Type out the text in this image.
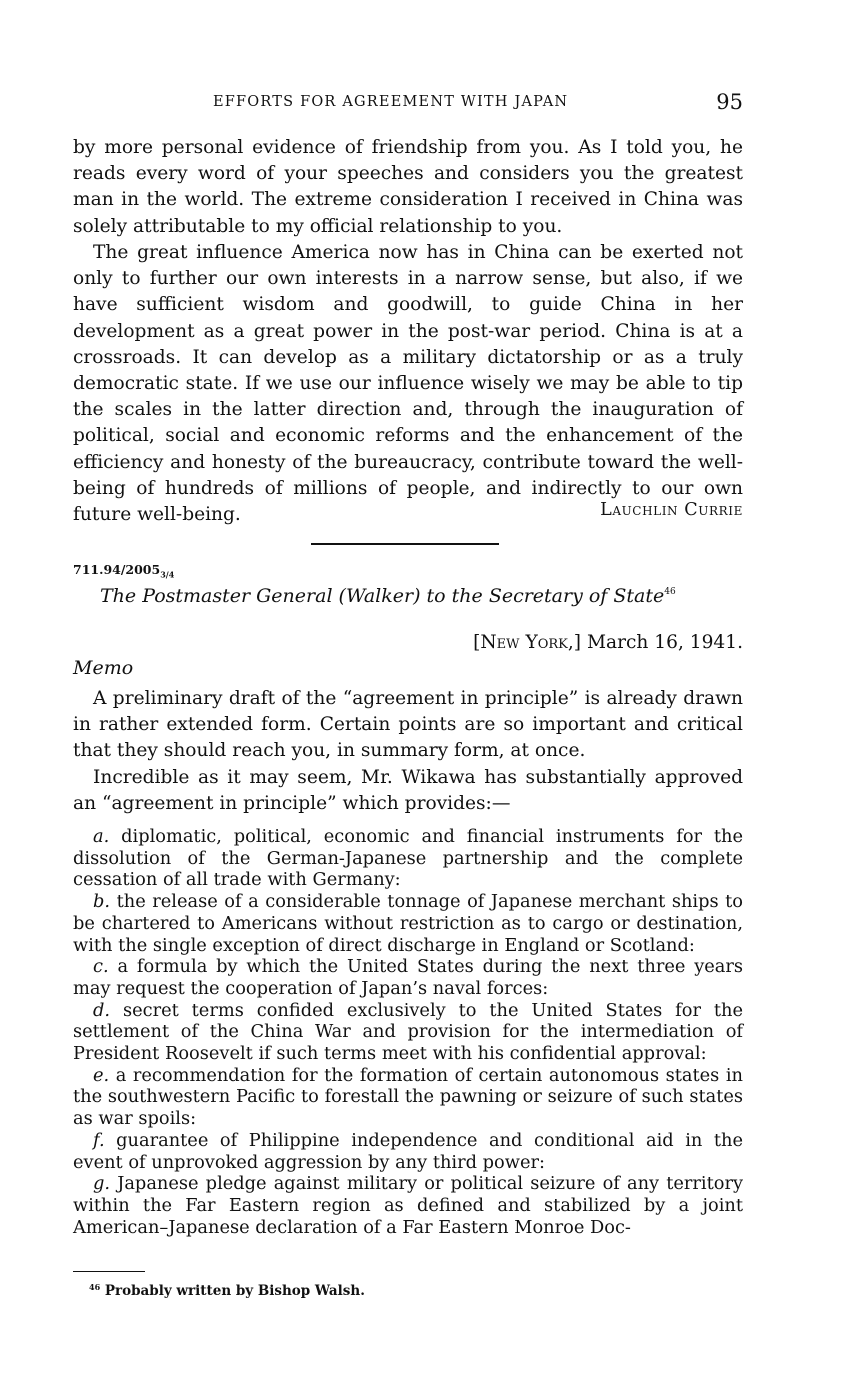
EFFORTS FOR AGREEMENT WITH JAPAN	95

by more personal evidence of friendship from you. As I told you, he reads every word of your speeches and considers you the greatest man in the world. The extreme consideration I received in China was solely attributable to my official relationship to you.

The great influence America now has in China can be exerted not only to further our own interests in a narrow sense, but also, if we have sufficient wisdom and goodwill, to guide China in her development as a great power in the post-war period. China is at a crossroads. It can develop as a military dictatorship or as a truly democratic state. If we use our influence wisely we may be able to tip the scales in the latter direction and, through the inauguration of political, social and economic reforms and the enhancement of the efficiency and honesty of the bureaucracy, contribute toward the well-being of hundreds of millions of people, and indirectly to our own future well-being.	Lauchlin Currie
$711.94/2005_{3/4}$
The Postmaster General (Walker) to the Secretary of State$^{46}$
[New York,] March 16, 1941.
Memo

A preliminary draft of the “agreement in principle” is already drawn in rather extended form. Certain points are so important and critical that they should reach you, in summary form, at once.

Incredible as it may seem, Mr. Wikawa has substantially approved an “agreement in principle” which provides:—

a. diplomatic, political, economic and financial instruments for the dissolution of the German-Japanese partnership and the complete cessation of all trade with Germany:

b. the release of a considerable tonnage of Japanese merchant ships to be chartered to Americans without restriction as to cargo or destination, with the single exception of direct discharge in England or Scotland:

c. a formula by which the United States during the next three years may request the cooperation of Japan’s naval forces:

d. secret terms confided exclusively to the United States for the settlement of the China War and provision for the intermediation of President Roosevelt if such terms meet with his confidential approval:

e. a recommendation for the formation of certain autonomous states in the southwestern Pacific to forestall the pawning or seizure of such states as war spoils:

f. guarantee of Philippine independence and conditional aid in the event of unprovoked aggression by any third power:

g. Japanese pledge against military or political seizure of any territory within the Far Eastern region as defined and stabilized by a joint American–Japanese declaration of a Far Eastern Monroe Doc-

$^{46}$ Probably written by Bishop Walsh.
